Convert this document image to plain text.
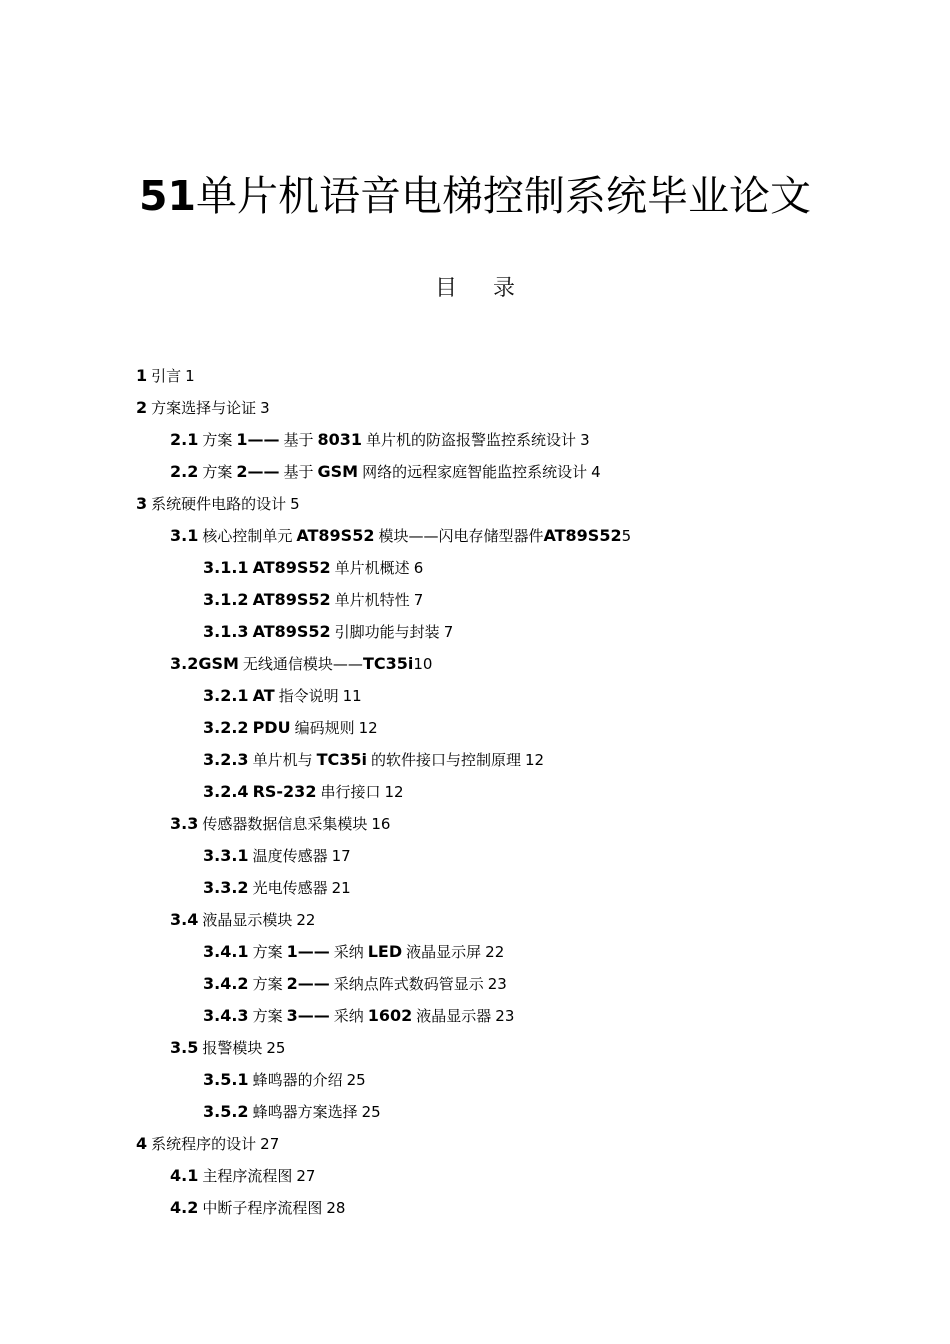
51单片机语音电梯控制系统毕业论文
目 录
1 引言 1
2 方案选择与论证 3
2.1 方案 1—— 基于 8031 单片机的防盗报警监控系统设计 3
2.2 方案 2—— 基于 GSM 网络的远程家庭智能监控系统设计 4
3 系统硬件电路的设计 5
3.1 核心控制单元 AT89S52 模块——闪电存储型器件AT89S525
3.1.1 AT89S52 单片机概述 6
3.1.2 AT89S52 单片机特性 7
3.1.3 AT89S52 引脚功能与封装 7
3.2GSM 无线通信模块——TC35i10
3.2.1 AT 指令说明 11
3.2.2 PDU 编码规则 12
3.2.3 单片机与 TC35i 的软件接口与控制原理 12
3.2.4 RS-232 串行接口 12
3.3 传感器数据信息采集模块 16
3.3.1 温度传感器 17
3.3.2 光电传感器 21
3.4 液晶显示模块 22
3.4.1 方案 1—— 采纳 LED 液晶显示屏 22
3.4.2 方案 2—— 采纳点阵式数码管显示 23
3.4.3 方案 3—— 采纳 1602 液晶显示器 23
3.5 报警模块 25
3.5.1 蜂鸣器的介绍 25
3.5.2 蜂鸣器方案选择 25
4 系统程序的设计 27
4.1 主程序流程图 27
4.2 中断子程序流程图 28
